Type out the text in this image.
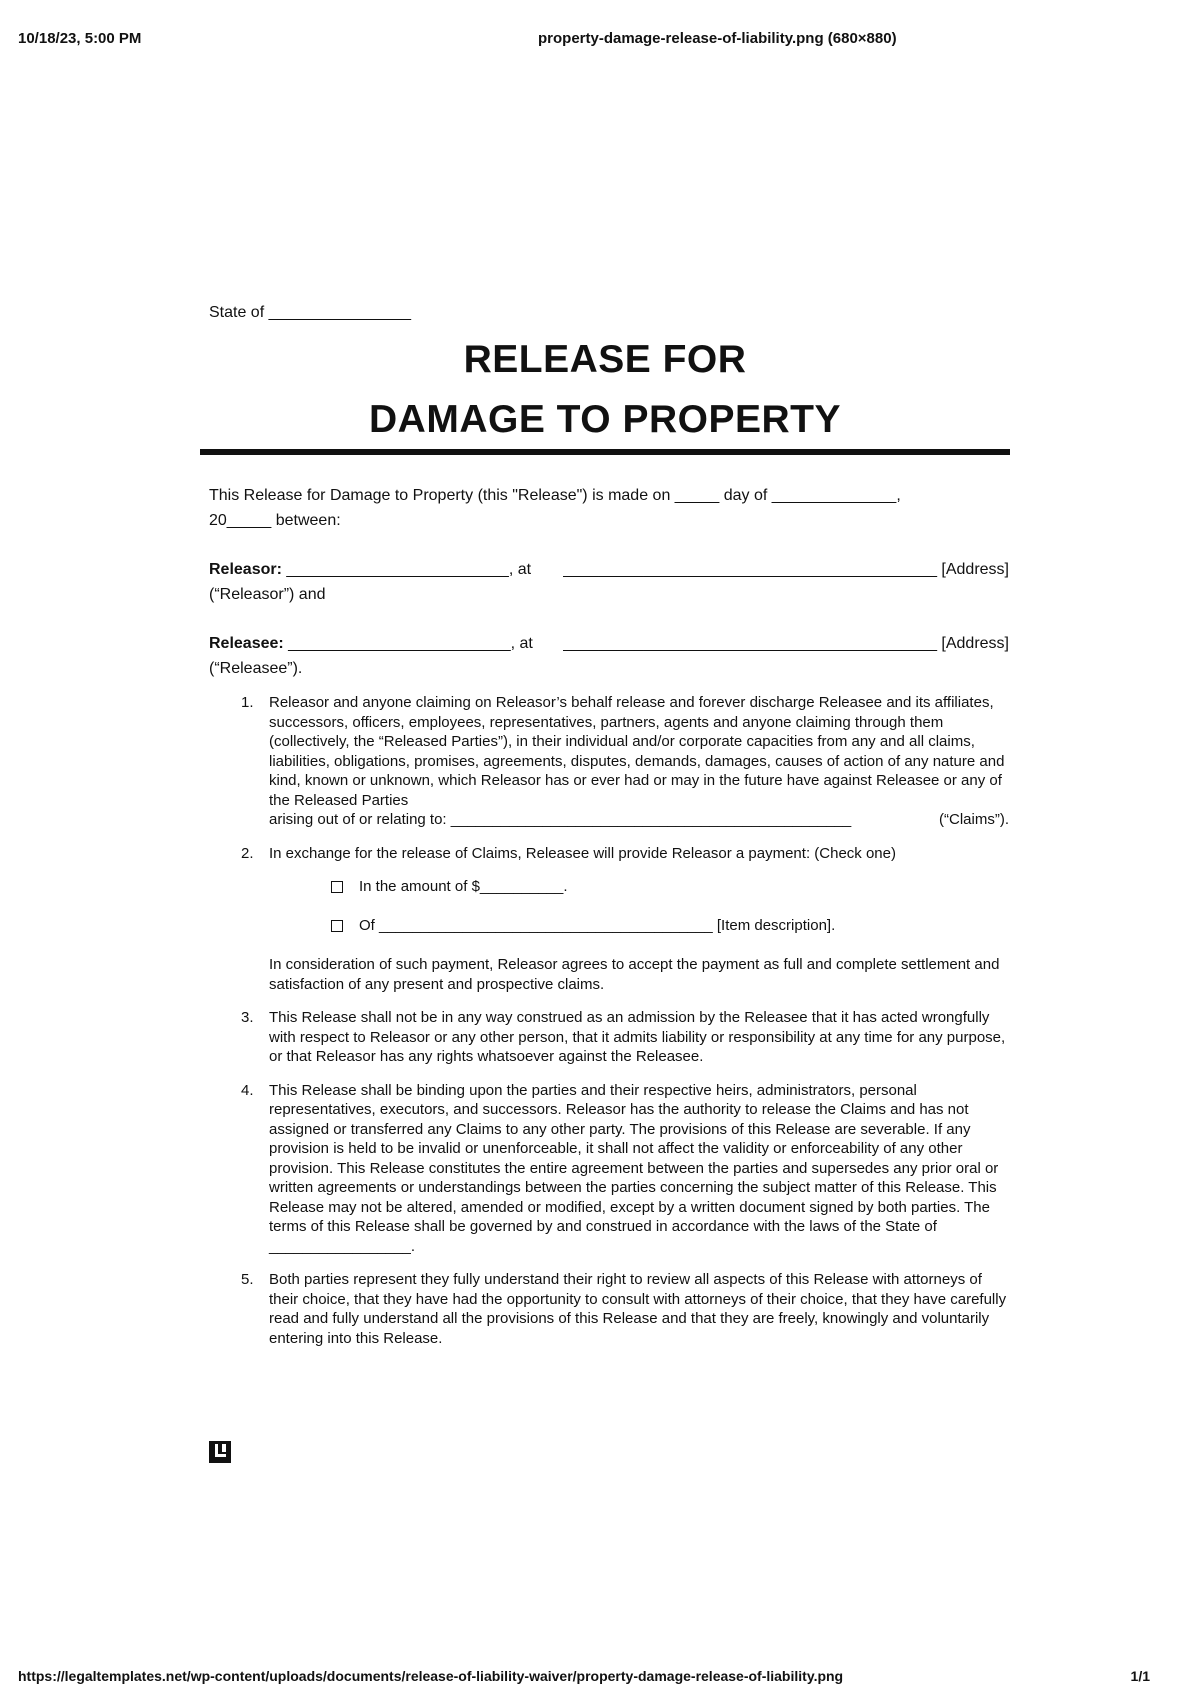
10/18/23, 5:00 PM	property-damage-release-of-liability.png (680×880)
State of ________________
RELEASE FOR
DAMAGE TO PROPERTY
This Release for Damage to Property (this "Release") is made on _____ day of ______________,
20_____ between:
Releasor: _________________________, at __________________________________________ [Address]
(“Releasor”) and
Releasee: _________________________, at __________________________________________ [Address]
(“Releasee”).
1. Releasor and anyone claiming on Releasor’s behalf release and forever discharge Releasee and its affiliates, successors, officers, employees, representatives, partners, agents and anyone claiming through them (collectively, the “Released Parties”), in their individual and/or corporate capacities from any and all claims, liabilities, obligations, promises, agreements, disputes, demands, damages, causes of action of any nature and kind, known or unknown, which Releasor has or ever had or may in the future have against Releasee or any of the Released Parties
arising out of or relating to: ________________________________________________	(“Claims”).
2. In exchange for the release of Claims, Releasee will provide Releasor a payment: (Check one)
In the amount of $__________.
Of ________________________________________ [Item description].
In consideration of such payment, Releasor agrees to accept the payment as full and complete settlement and satisfaction of any present and prospective claims.
3. This Release shall not be in any way construed as an admission by the Releasee that it has acted wrongfully with respect to Releasor or any other person, that it admits liability or responsibility at any time for any purpose, or that Releasor has any rights whatsoever against the Releasee.
4. This Release shall be binding upon the parties and their respective heirs, administrators, personal representatives, executors, and successors. Releasor has the authority to release the Claims and has not assigned or transferred any Claims to any other party. The provisions of this Release are severable. If any provision is held to be invalid or unenforceable, it shall not affect the validity or enforceability of any other provision. This Release constitutes the entire agreement between the parties and supersedes any prior oral or written agreements or understandings between the parties concerning the subject matter of this Release. This Release may not be altered, amended or modified, except by a written document signed by both parties. The terms of this Release shall be governed by and construed in accordance with the laws of the State of _________________.
5. Both parties represent they fully understand their right to review all aspects of this Release with attorneys of their choice, that they have had the opportunity to consult with attorneys of their choice, that they have carefully read and fully understand all the provisions of this Release and that they are freely, knowingly and voluntarily entering into this Release.
https://legaltemplates.net/wp-content/uploads/documents/release-of-liability-waiver/property-damage-release-of-liability.png	1/1
